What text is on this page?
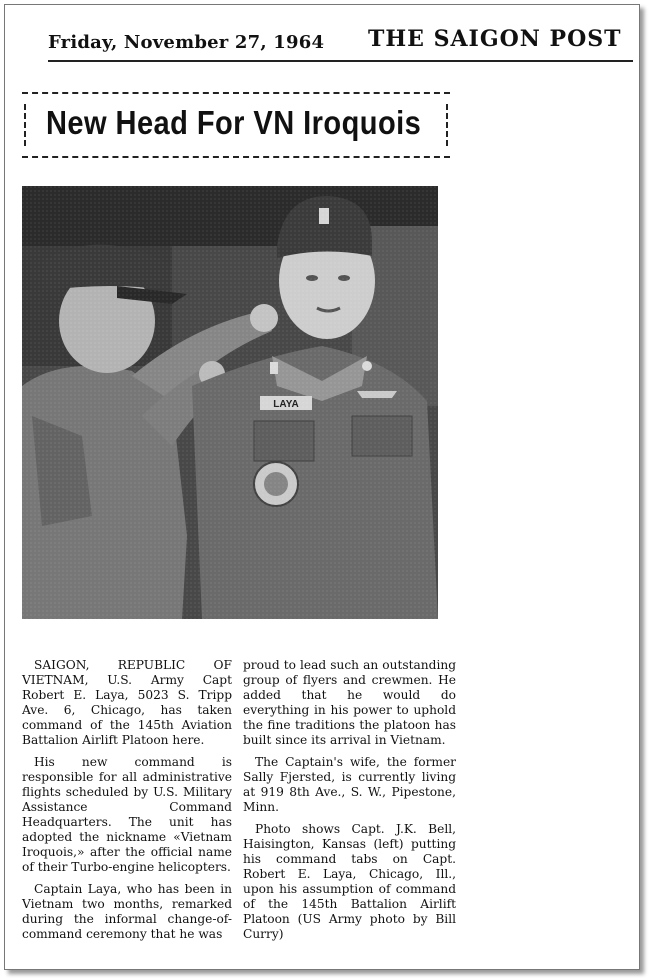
Friday, November 27, 1964 THE SAIGON POST
New Head For VN Iroquois
LAYA

SAIGON, REPUBLIC OF VIETNAM, U.S. Army Capt Robert E. Laya, 5023 S. Tripp Ave. 6, Chicago, has taken command of the 145th Aviation Battalion Airlift Platoon here.

His new command is responsible for all administrative flights scheduled by U.S. Military Assistance Command Headquarters. The unit has adopted the nickname «Vietnam Iroquois,» after the official name of their Turbo-engine helicopters.

Captain Laya, who has been in Vietnam two months, remarked during the informal change-of-command ceremony that he was

proud to lead such an outstanding group of flyers and crewmen. He added that he would do everything in his power to uphold the fine traditions the platoon has built since its arrival in Vietnam.

The Captain's wife, the former Sally Fjersted, is currently living at 919 8th Ave., S. W., Pipestone, Minn.

Photo shows Capt. J.K. Bell, Haisington, Kansas (left) putting his command tabs on Capt. Robert E. Laya, Chicago, Ill., upon his assumption of command of the 145th Battalion Airlift Platoon (US Army photo by Bill Curry)
